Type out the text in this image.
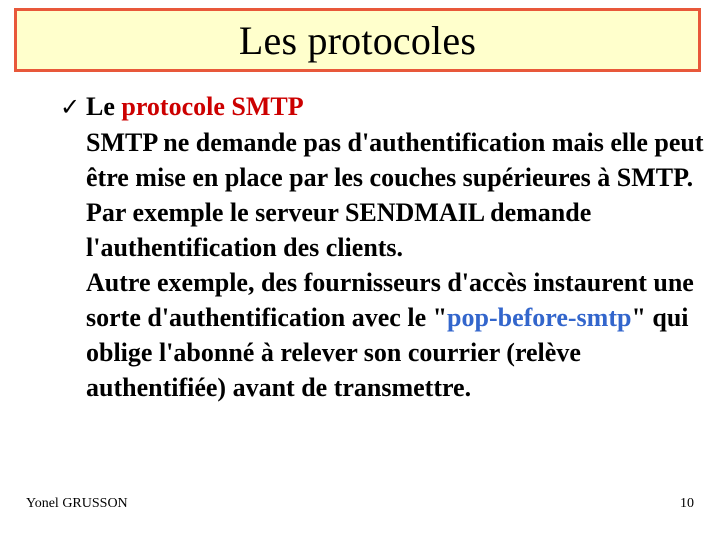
Les protocoles
✓ Le
protocole SMTP

SMTP ne demande pas d'authentification mais elle peut être mise en place par les couches supérieures à SMTP. Par exemple le serveur SENDMAIL demande l'authentification des clients.

Autre exemple, des fournisseurs d'accès instaurent une sorte d'authentification avec le "pop-before-smtp" qui oblige l'abonné à relever son courrier (relève authentifiée) avant de transmettre.

Yonel GRUSSON	10
